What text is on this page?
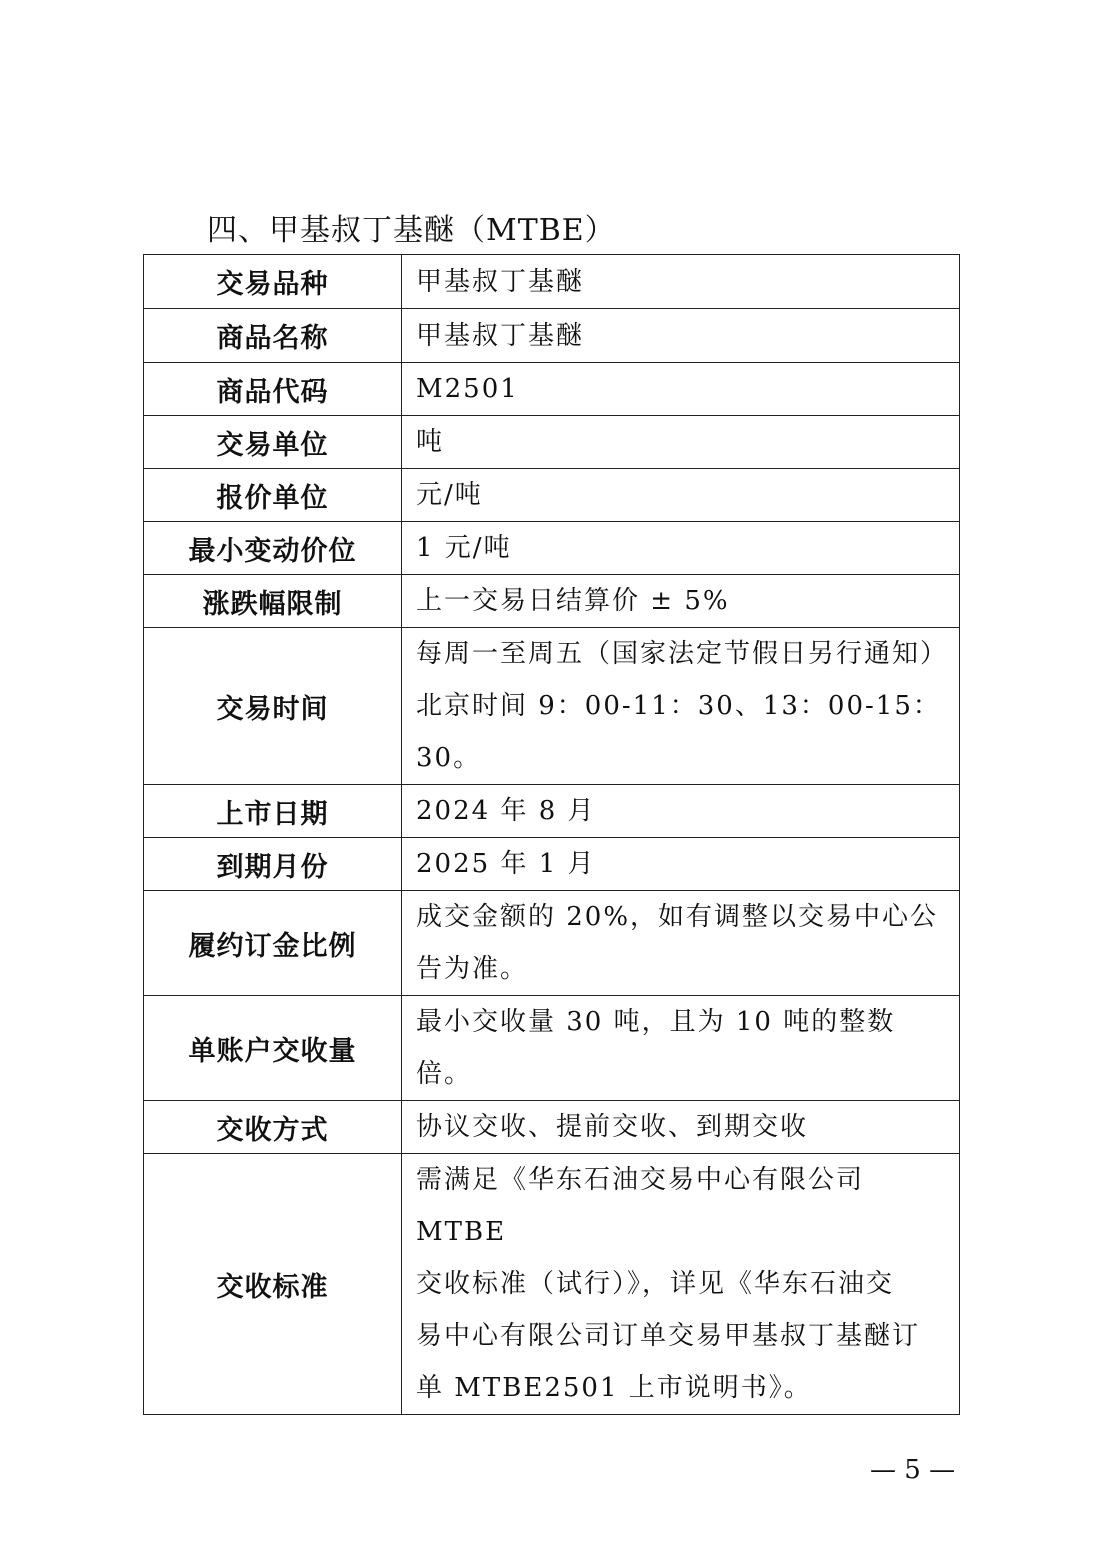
四、甲基叔丁基醚（MTBE）
交易品种	甲基叔丁基醚

商品名称	甲基叔丁基醚

商品代码	M2501

交易单位	吨

报价单位	元/吨

最小变动价位	1 元/吨

涨跌幅限制	上一交易日结算价 ± 5%

交易时间	每周一至周五（国家法定节假日另行通知）
北京时间 9：00-11：30、13：00-15：30。

上市日期	2024 年 8 月

到期月份	2025 年 1 月

履约订金比例	成交金额的 20%，如有调整以交易中心公
告为准。

单账户交收量	最小交收量 30 吨，且为 10 吨的整数倍。

交收方式	协议交收、提前交收、到期交收

交收标准	需满足《华东石油交易中心有限公司 MTBE
交收标准（试行）》，详见《华东石油交
易中心有限公司订单交易甲基叔丁基醚订
单 MTBE2501 上市说明书》。
— 5 —
